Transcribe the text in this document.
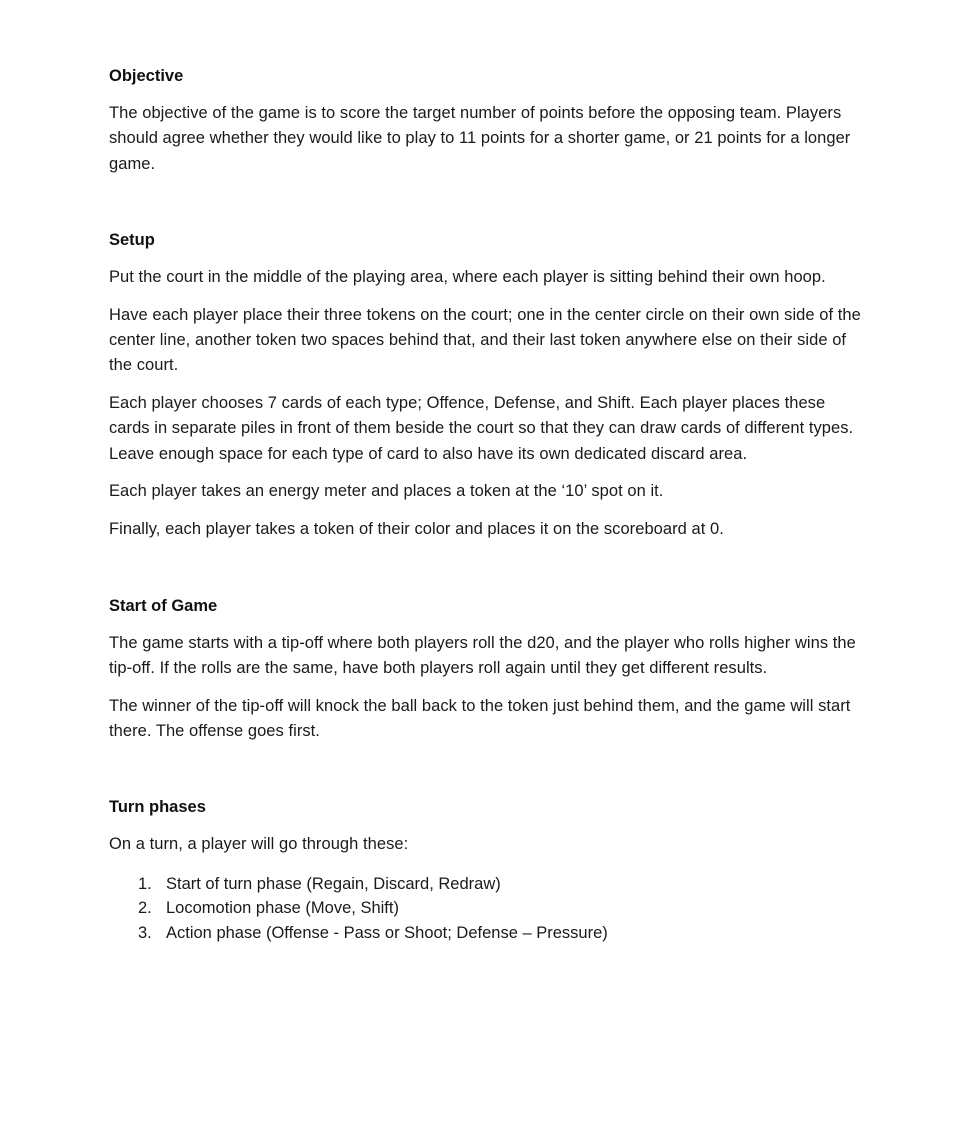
Objective

The objective of the game is to score the target number of points before the opposing team. Players should agree whether they would like to play to 11 points for a shorter game, or 21 points for a longer game.

Setup

Put the court in the middle of the playing area, where each player is sitting behind their own hoop.

Have each player place their three tokens on the court; one in the center circle on their own side of the center line, another token two spaces behind that, and their last token anywhere else on their side of the court.

Each player chooses 7 cards of each type; Offence, Defense, and Shift. Each player places these cards in separate piles in front of them beside the court so that they can draw cards of different types. Leave enough space for each type of card to also have its own dedicated discard area.

Each player takes an energy meter and places a token at the ‘10’ spot on it.

Finally, each player takes a token of their color and places it on the scoreboard at 0.

Start of Game

The game starts with a tip-off where both players roll the d20, and the player who rolls higher wins the tip-off. If the rolls are the same, have both players roll again until they get different results.

The winner of the tip-off will knock the ball back to the token just behind them, and the game will start there. The offense goes first.

Turn phases

On a turn, a player will go through these:

1. Start of turn phase (Regain, Discard, Redraw)
2. Locomotion phase (Move, Shift)
3. Action phase (Offense - Pass or Shoot; Defense – Pressure)
